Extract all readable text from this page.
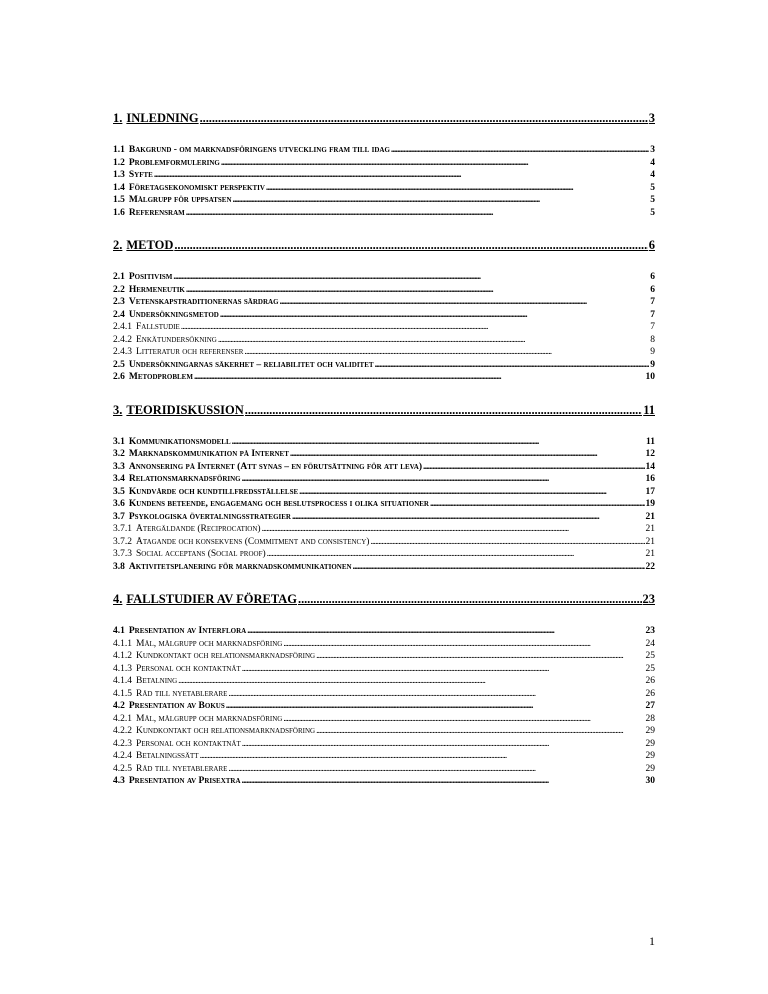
1. INLEDNING . . .	3
1.1 Bakgrund - om marknadsföringens utveckling fram till idag . . .	3
1.2 Problemformulering . . .	4
1.3 Syfte . . .	4
1.4 Företagsekonomiskt perspektiv . . .	5
1.5 Målgrupp för uppsatsen . . .	5
1.6 Referensram . . .	5
2. METOD . . .	6
2.1 Positivism . . .	6
2.2 Hermeneutik . . .	6
2.3 Vetenskapstraditionernas särdrag . . .	7
2.4 Undersökningsmetod . . .	7
2.4.1 Fallstudie . . .	7
2.4.2 Enkätundersökning . . .	8
2.4.3 Litteratur och referenser . . .	9
2.5 Undersökningarnas säkerhet – reliabilitet och validitet . . .	9
2.6 Metodproblem . . .	10
3. TEORIDISKUSSION . . .	11
3.1 Kommunikationsmodell . . .	11
3.2 Marknadskommunikation på Internet . . .	12
3.3 Annonsering på Internet (Att synas – en förutsättning för att leva) . . .	14
3.4 Relationsmarknadsföring . . .	16
3.5 Kundvärde och kundtillfredsställelse . . .	17
3.6 Kundens beteende, engagemang och beslutsprocess i olika situationer . . .	19
3.7 Psykologiska övertalningsstrategier . . .	21
3.7.1 Återgäldande (Reciprocation) . . .	21
3.7.2 Åtagande och konsekvens (Commitment and consistency) . . .	21
3.7.3 Social acceptans (Social proof) . . .	21
3.8 Aktivitetsplanering för marknadskommunikationen . . .	22
4. FALLSTUDIER AV FÖRETAG . . .	23
4.1 Presentation av Interflora . . .	23
4.1.1 Mål, målgrupp och marknadsföring . . .	24
4.1.2 Kundkontakt och relationsmarknadsföring . . .	25
4.1.3 Personal och kontaktnät . . .	25
4.1.4 Betalning . . .	26
4.1.5 Råd till nyetablerare . . .	26
4.2 Presentation av Bokus . . .	27
4.2.1 Mål, målgrupp och marknadsföring . . .	28
4.2.2 Kundkontakt och relationsmarknadsföring . . .	29
4.2.3 Personal och kontaktnät . . .	29
4.2.4 Betalningssätt . . .	29
4.2.5 Råd till nyetablerare . . .	29
4.3 Presentation av Prisextra . . .	30
1
